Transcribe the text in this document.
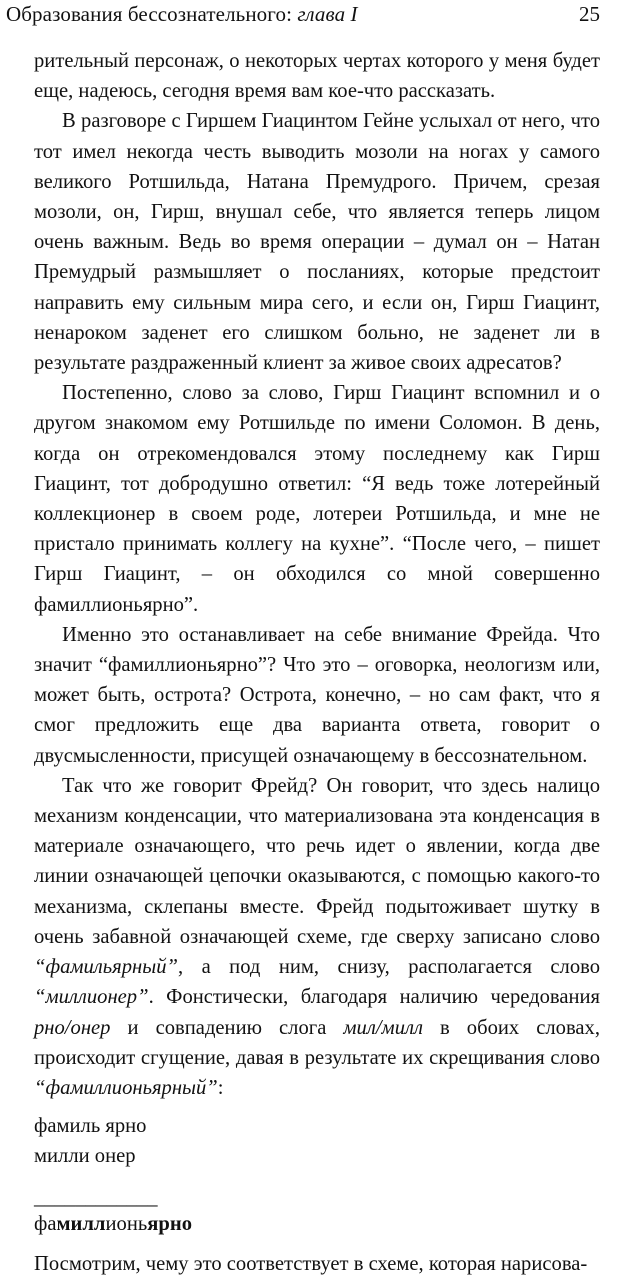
Образования бессознательного: глава I	25

рительный персонаж, о некоторых чертах которого у меня будет еще, надеюсь, сегодня время вам кое-что рассказать.

В разговоре с Гиршем Гиацинтом Гейне услыхал от него, что тот имел некогда честь выводить мозоли на ногах у самого великого Ротшильда, Натана Премудрого. Причем, срезая мозоли, он, Гирш, внушал себе, что является теперь лицом очень важным. Ведь во время операции – думал он – Натан Премудрый размышляет о посланиях, которые предстоит направить ему сильным мира сего, и если он, Гирш Гиацинт, ненароком заденет его слишком больно, не заденет ли в результате раздраженный клиент за живое своих адресатов?

Постепенно, слово за слово, Гирш Гиацинт вспомнил и о другом знакомом ему Ротшильде по имени Соломон. В день, когда он отрекомендовался этому последнему как Гирш Гиацинт, тот добродушно ответил: “Я ведь тоже лотерейный коллекционер в своем роде, лотереи Ротшильда, и мне не пристало принимать коллегу на кухне”. “После чего, – пишет Гирш Гиацинт, – он обходился со мной совершенно фамиллионьярно”.

Именно это останавливает на себе внимание Фрейда. Что значит “фамиллионьярно”? Что это – оговорка, неологизм или, может быть, острота? Острота, конечно, – но сам факт, что я смог предложить еще два варианта ответа, говорит о двусмысленности, присущей означающему в бессознательном.

Так что же говорит Фрейд? Он говорит, что здесь налицо механизм конденсации, что материализована эта конденсация в материале означающего, что речь идет о явлении, когда две линии означающей цепочки оказываются, с помощью какого-то механизма, склепаны вместе. Фрейд подытоживает шутку в очень забавной означающей схеме, где сверху записано слово “фамильярный”, а под ним, снизу, располагается слово “миллионер”. Фонстически, благодаря наличию чередования рно/онер и совпадению слога мил/милл в обоих словах, происходит сгущение, давая в результате их скрещивания слово “фамиллионьярный”:

фамиль ярно
милли онер
____________
фамиллионьярно

Посмотрим, чему это соответствует в схеме, которая нарисова-
